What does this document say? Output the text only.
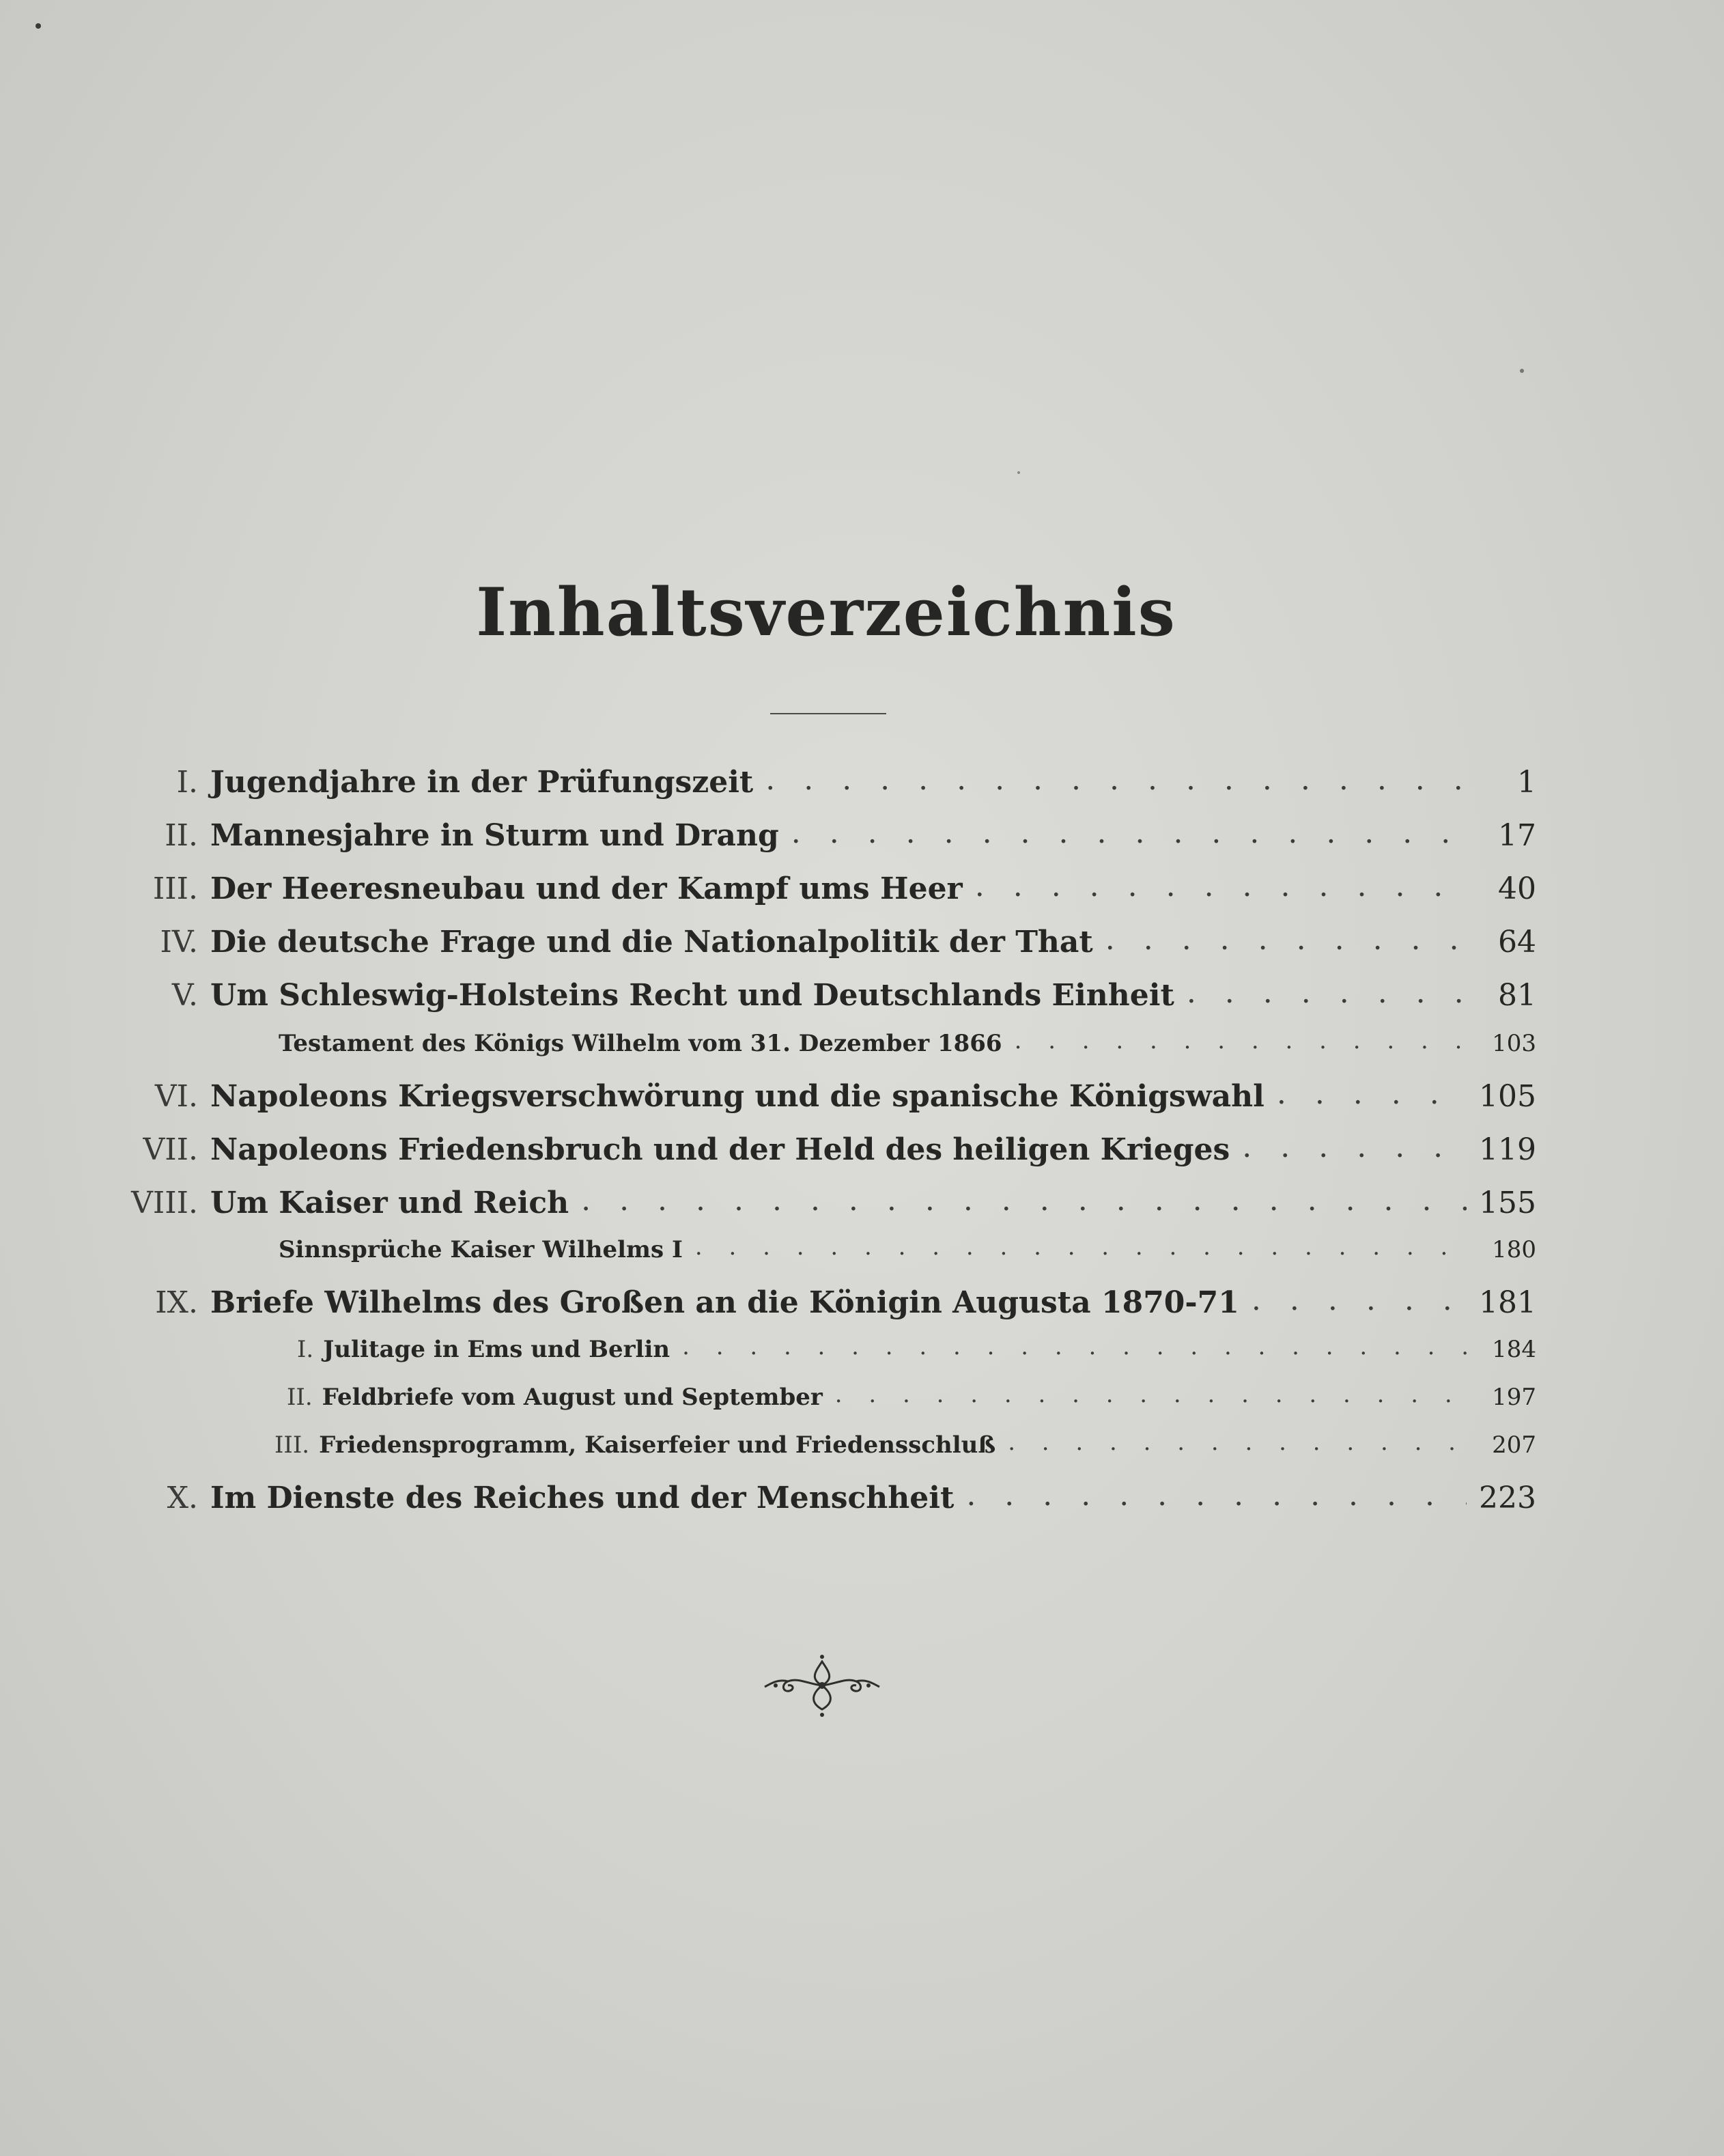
Inhaltsverzeichnis
I. Jugendjahre in der Prüfungszeit . . .	1
II. Mannesjahre in Sturm und Drang . . .	17
III. Der Heeresneubau und der Kampf ums Heer . . .	40
IV. Die deutsche Frage und die Nationalpolitik der That . . .	64
V. Um Schleswig-Holsteins Recht und Deutschlands Einheit . . .	81
Testament des Königs Wilhelm vom 31. Dezember 1866 . . .	103
VI. Napoleons Kriegsverschwörung und die spanische Königswahl . . .	105
VII. Napoleons Friedensbruch und der Held des heiligen Krieges . . .	119
VIII. Um Kaiser und Reich . . .	155
Sinnsprüche Kaiser Wilhelms I . . .	180
IX. Briefe Wilhelms des Großen an die Königin Augusta 1870-71 . . .	181
I. Julitage in Ems und Berlin . . .	184
II. Feldbriefe vom August und September . . .	197
III. Friedensprogramm, Kaiserfeier und Friedensschluß . . .	207
X. Im Dienste des Reiches und der Menschheit . . .	223
